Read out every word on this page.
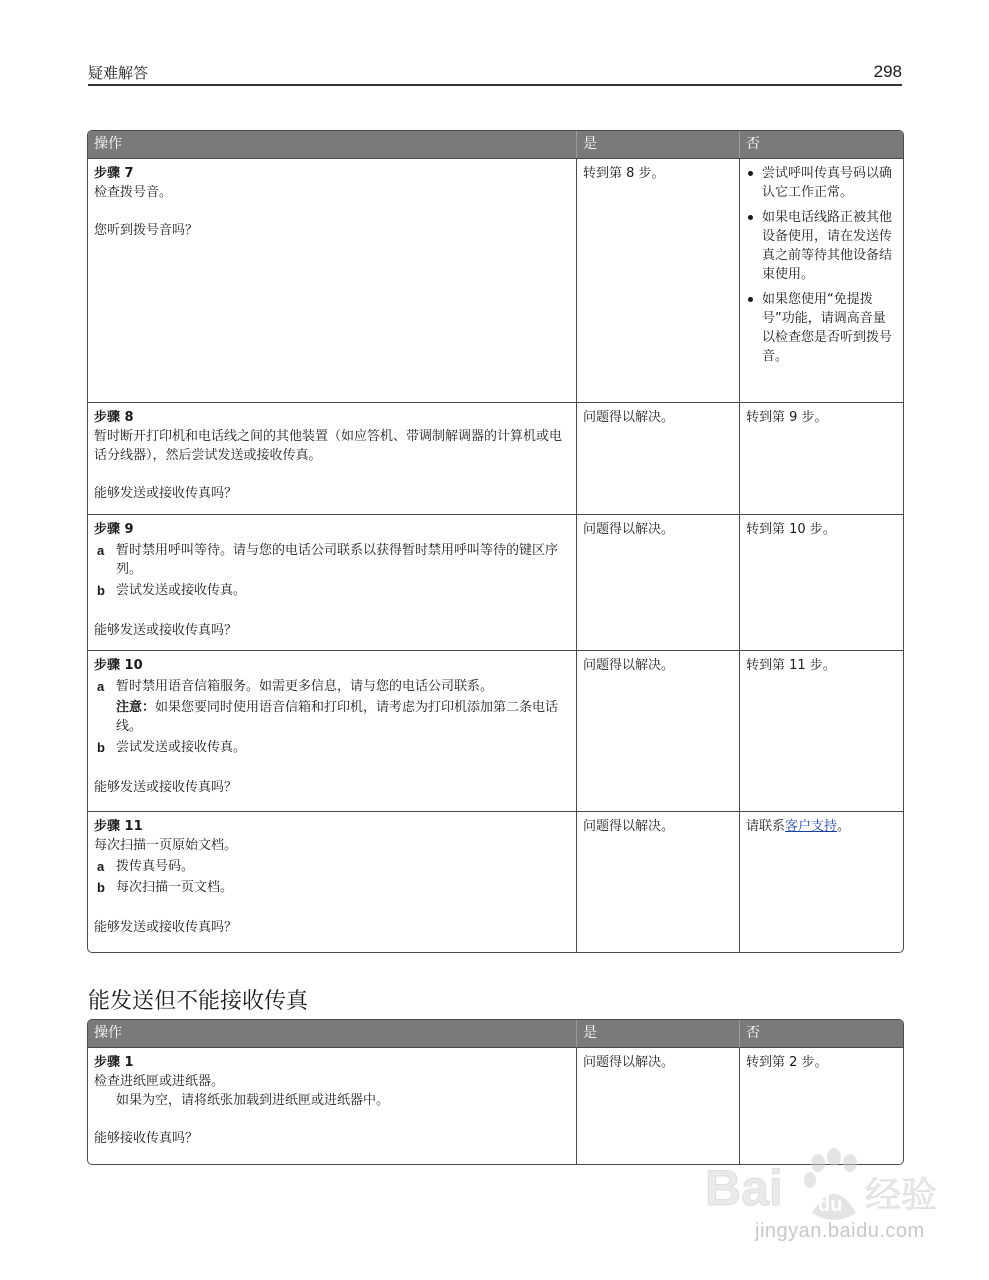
疑难解答	298
操作	是	否
步骤 7

检查拨号音。

您听到拨号音吗？

转到第 8 步。	尝试呼叫传真号码以确认它工作正常。
如果电话线路正被其他设备使用，请在发送传真之前等待其他设备结束使用。
如果您使用“免提拨号”功能，请调高音量以检查您是否听到拨号音。
步骤 8

暂时断开打印机和电话线之间的其他装置（如应答机、带调制解调器的计算机或电话分线器），然后尝试发送或接收传真。

能够发送或接收传真吗？

问题得以解决。	转到第 9 步。
步骤 9
a 暂时禁用呼叫等待。请与您的电话公司联系以获得暂时禁用呼叫等待的键区序列。
b 尝试发送或接收传真。

能够发送或接收传真吗？

问题得以解决。	转到第 10 步。
步骤 10
a 暂时禁用语音信箱服务。如需更多信息，请与您的电话公司联系。
注意：如果您要同时使用语音信箱和打印机，请考虑为打印机添加第二条电话线。
b 尝试发送或接收传真。

能够发送或接收传真吗？

问题得以解决。	转到第 11 步。
步骤 11

每次扫描一页原始文档。

a 拨传真号码。
b 每次扫描一页文档。

能够发送或接收传真吗？

问题得以解决。	请联系客户支持。
能发送但不能接收传真
操作	是	否
步骤 1

检查进纸匣或进纸器。

如果为空，请将纸张加载到进纸匣或进纸器中。

能够接收传真吗？

问题得以解决。	转到第 2 步。
Bai du 经验
jingyan.baidu.com
